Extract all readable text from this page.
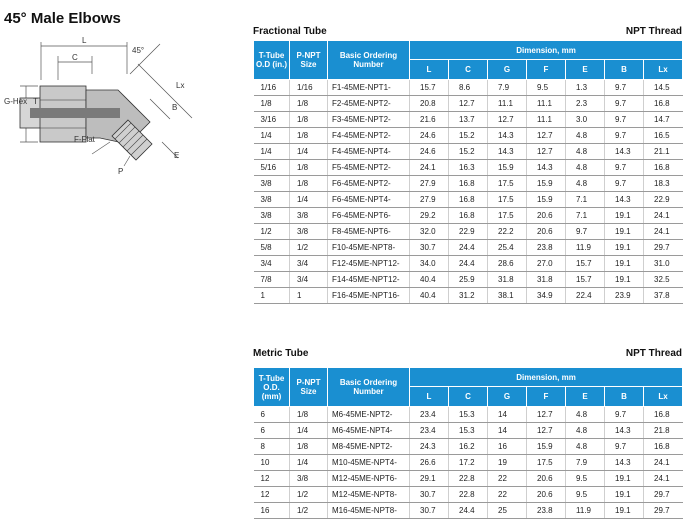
45° Male Elbows
L
45°
C
G-Hex T
Lx
B
F-Flat
P
E
Fractional Tube	NPT Thread
T-Tube O.D (in.)	P-NPT Size	Basic Ordering Number	Dimension, mm						
			L	C	G	F	E	B	Lx
1/16	1/16	F1-45ME-NPT1-	15.7	8.6	7.9	9.5	1.3	9.7	14.5
1/8	1/8	F2-45ME-NPT2-	20.8	12.7	11.1	11.1	2.3	9.7	16.8
3/16	1/8	F3-45ME-NPT2-	21.6	13.7	12.7	11.1	3.0	9.7	14.7
1/4	1/8	F4-45ME-NPT2-	24.6	15.2	14.3	12.7	4.8	9.7	16.5
1/4	1/4	F4-45ME-NPT4-	24.6	15.2	14.3	12.7	4.8	14.3	21.1
5/16	1/8	F5-45ME-NPT2-	24.1	16.3	15.9	14.3	4.8	9.7	16.8
3/8	1/8	F6-45ME-NPT2-	27.9	16.8	17.5	15.9	4.8	9.7	18.3
3/8	1/4	F6-45ME-NPT4-	27.9	16.8	17.5	15.9	7.1	14.3	22.9
3/8	3/8	F6-45ME-NPT6-	29.2	16.8	17.5	20.6	7.1	19.1	24.1
1/2	3/8	F8-45ME-NPT6-	32.0	22.9	22.2	20.6	9.7	19.1	24.1
5/8	1/2	F10-45ME-NPT8-	30.7	24.4	25.4	23.8	11.9	19.1	29.7
3/4	3/4	F12-45ME-NPT12-	34.0	24.4	28.6	27.0	15.7	19.1	31.0
7/8	3/4	F14-45ME-NPT12-	40.4	25.9	31.8	31.8	15.7	19.1	32.5
1	1	F16-45ME-NPT16-	40.4	31.2	38.1	34.9	22.4	23.9	37.8
Metric Tube	NPT Thread
T-Tube O.D. (mm)	P-NPT Size	Basic Ordering Number	Dimension, mm						
			L	C	G	F	E	B	Lx
6	1/8	M6-45ME-NPT2-	23.4	15.3	14	12.7	4.8	9.7	16.8
6	1/4	M6-45ME-NPT4-	23.4	15.3	14	12.7	4.8	14.3	21.8
8	1/8	M8-45ME-NPT2-	24.3	16.2	16	15.9	4.8	9.7	16.8
10	1/4	M10-45ME-NPT4-	26.6	17.2	19	17.5	7.9	14.3	24.1
12	3/8	M12-45ME-NPT6-	29.1	22.8	22	20.6	9.5	19.1	24.1
12	1/2	M12-45ME-NPT8-	30.7	22.8	22	20.6	9.5	19.1	29.7
16	1/2	M16-45ME-NPT8-	30.7	24.4	25	23.8	11.9	19.1	29.7
